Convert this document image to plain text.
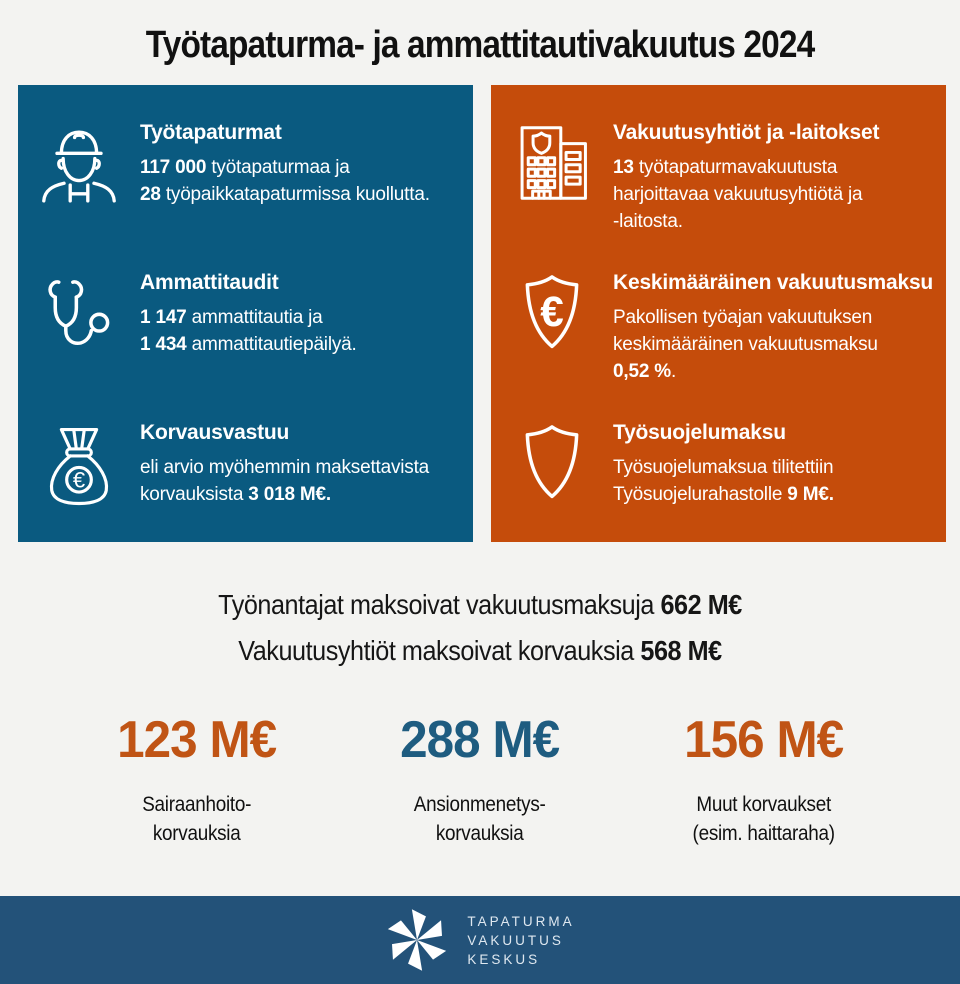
Työtapaturma- ja ammattitautivakuutus 2024
Työtapaturmat
117 000 työtapaturmaa ja
28 työpaikkatapaturmissa kuollutta.
Ammattitaudit
1 147 ammattitautia ja
1 434 ammattitautiepäilyä.
€
Korvausvastuu
eli arvio myöhemmin maksettavista
korvauksista 3 018 M€.
Vakuutusyhtiöt ja -laitokset
13 työtapaturmavakuutusta
harjoittavaa vakuutusyhtiötä ja
-laitosta.
€
Keskimääräinen vakuutusmaksu
Pakollisen työajan vakuutuksen
keskimääräinen vakuutusmaksu
0,52 %.
Työsuojelumaksu
Työsuojelumaksua tilitettiin
Työsuojelurahastolle 9 M€.

Työnantajat maksoivat vakuutusmaksuja 662 M€

Vakuutusyhtiöt maksoivat korvauksia 568 M€

123 M€
Sairaanhoito-
korvauksia
288 M€
Ansionmenetys-
korvauksia
156 M€
Muut korvaukset
(esim. haittaraha)
TAPATURMA
VAKUUTUS
KESKUS
